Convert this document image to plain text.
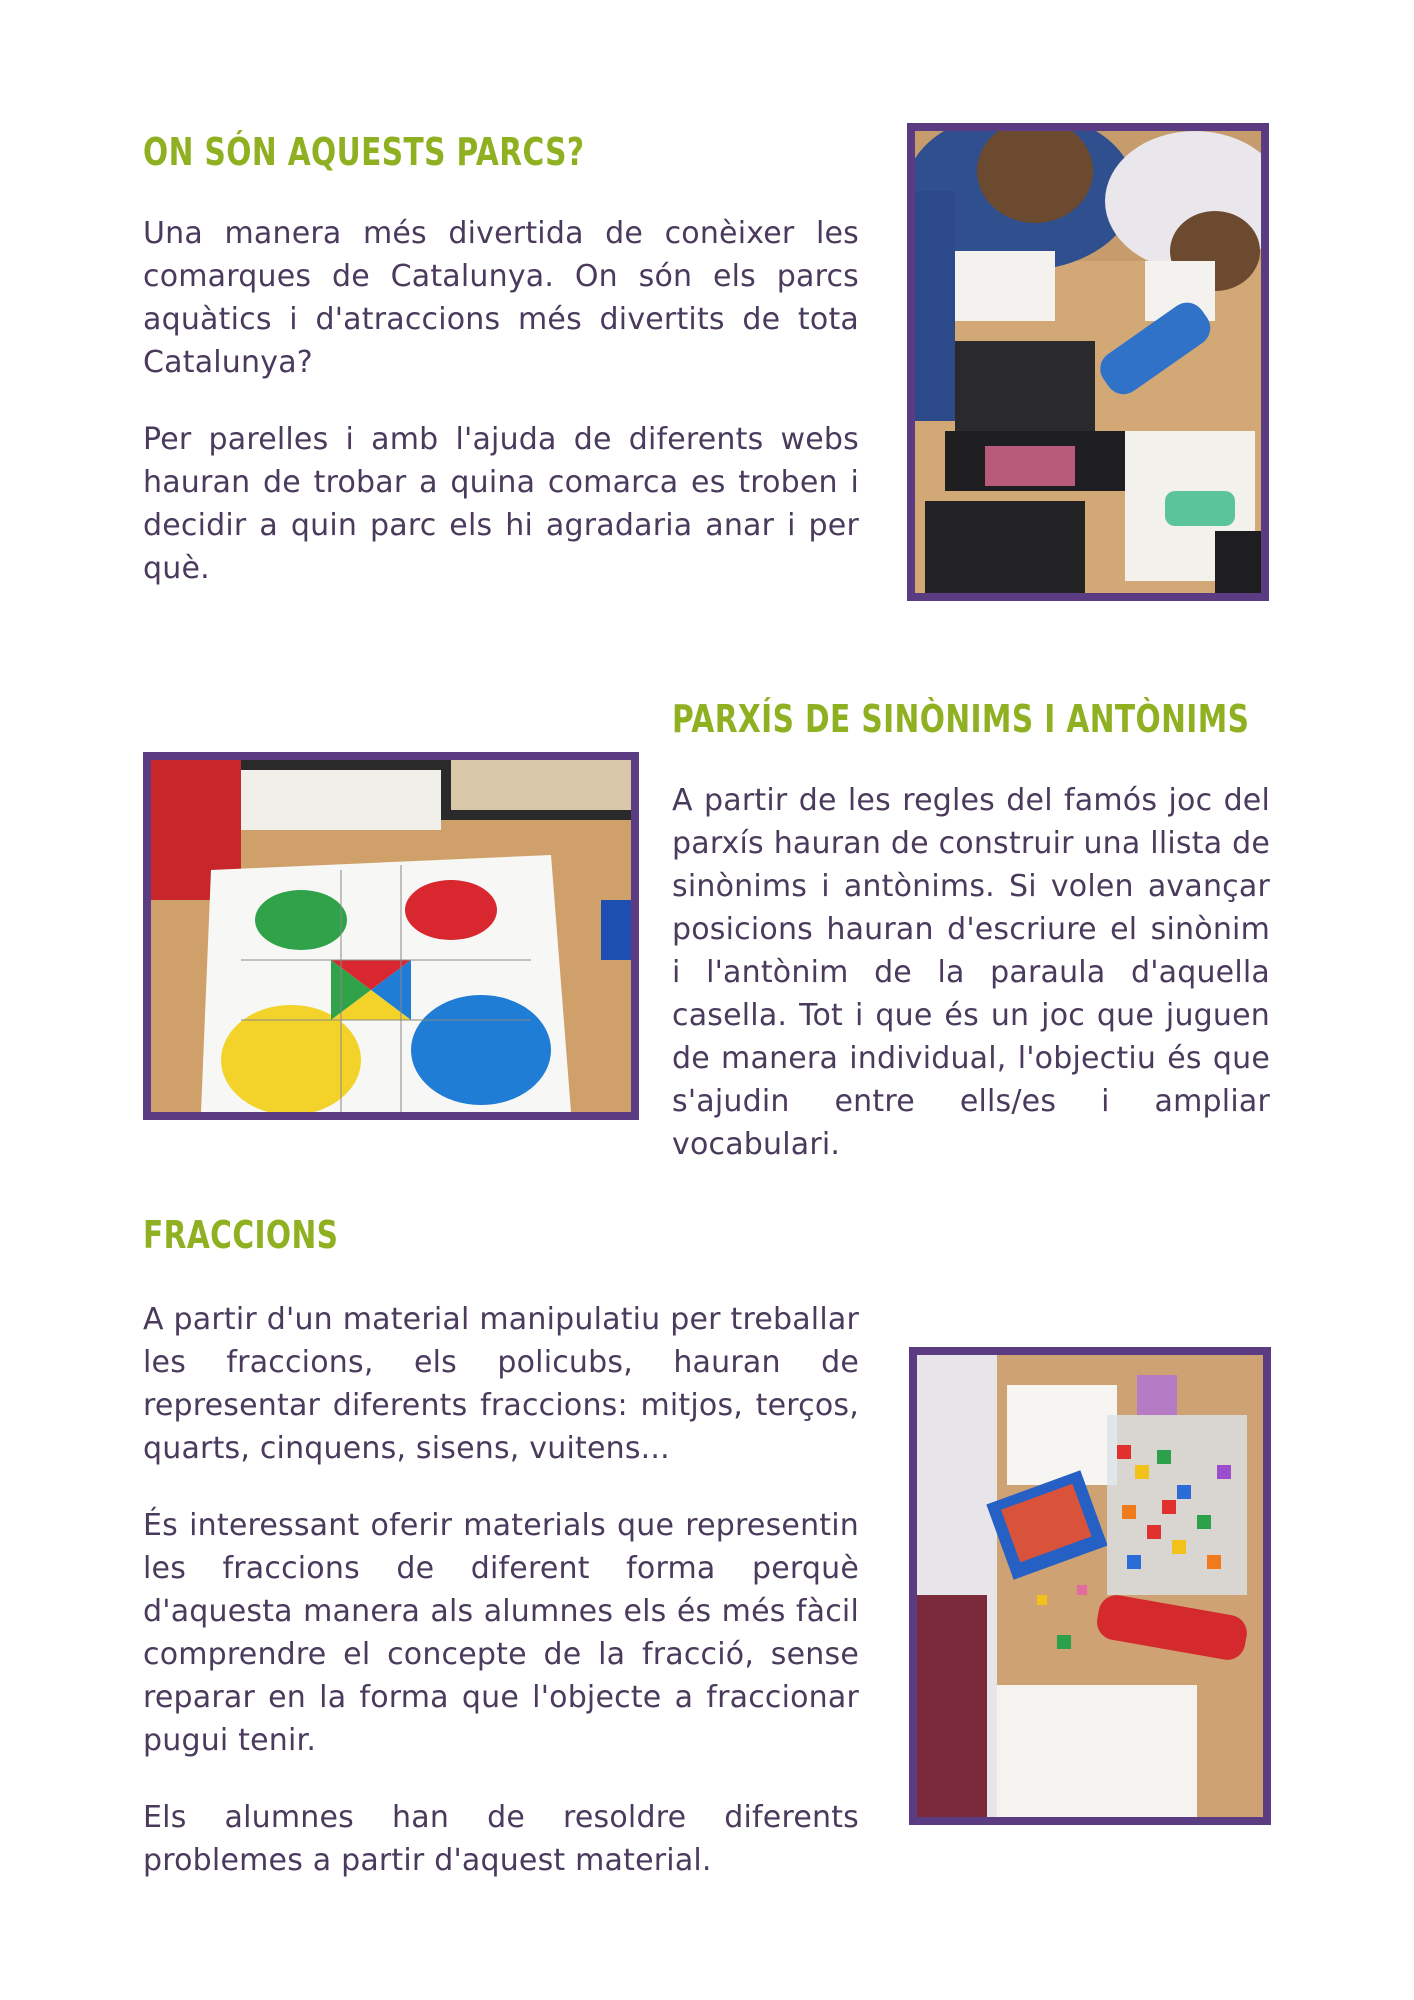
ON SÓN AQUESTS PARCS?

Una manera més divertida de conèixer les comarques de Catalunya. On són els parcs aquàtics i d'atraccions més divertits de tota Catalunya?

Per parelles i amb l'ajuda de diferents webs hauran de trobar a quina comarca es troben i decidir a quin parc els hi agradaria anar i per què.

PARXÍS DE SINÒNIMS I ANTÒNIMS

A partir de les regles del famós joc del parxís hauran de construir una llista de sinònims i antònims. Si volen avançar posicions hauran d'escriure el sinònim i l'antònim de la paraula d'aquella casella. Tot i que és un joc que juguen de manera individual, l'objectiu és que s'ajudin entre ells/es i ampliar vocabulari.

FRACCIONS

A partir d'un material manipulatiu per treballar les fraccions, els policubs, hauran de representar diferents fraccions: mitjos, terços, quarts, cinquens, sisens, vuitens...

És interessant oferir materials que representin les fraccions de diferent forma perquè d'aquesta manera als alumnes els és més fàcil comprendre el concepte de la fracció, sense reparar en la forma que l'objecte a fraccionar pugui tenir.

Els alumnes han de resoldre diferents problemes a partir d'aquest material.
